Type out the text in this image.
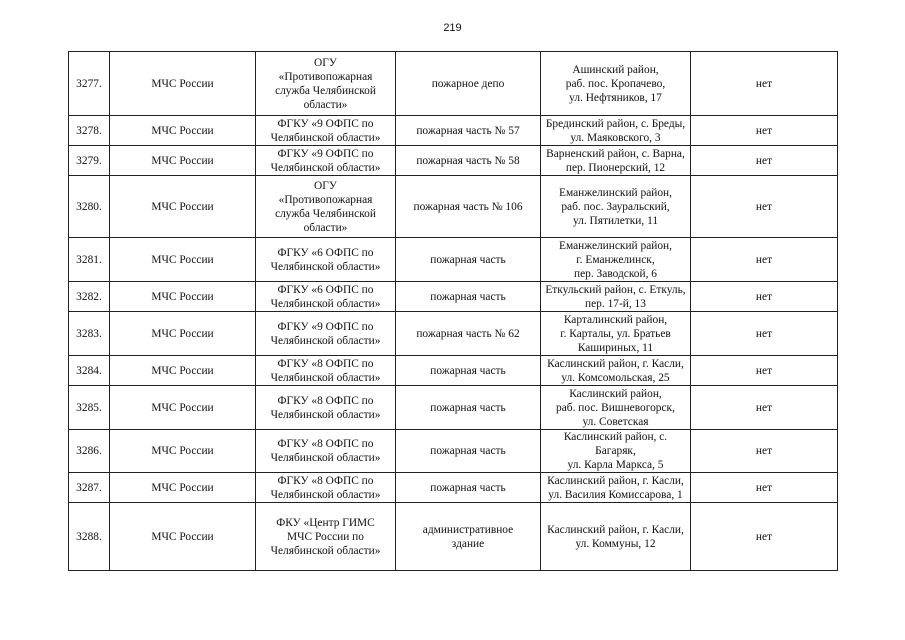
219
3277.	МЧС России	ОГУ
«Противопожарная
служба Челябинской
области»	пожарное депо	Ашинский район,
раб. пос. Кропачево,
ул. Нефтяников, 17	нет
3278.	МЧС России	ФГКУ «9 ОФПС по
Челябинской области»	пожарная часть № 57	Брединский район, с. Бреды,
ул. Маяковского, 3	нет
3279.	МЧС России	ФГКУ «9 ОФПС по
Челябинской области»	пожарная часть № 58	Варненский район, с. Варна,
пер. Пионерский, 12	нет
3280.	МЧС России	ОГУ
«Противопожарная
служба Челябинской
области»	пожарная часть № 106	Еманжелинский район,
раб. пос. Зауральский,
ул. Пятилетки, 11	нет
3281.	МЧС России	ФГКУ «6 ОФПС по
Челябинской области»	пожарная часть	Еманжелинский район,
г. Еманжелинск,
пер. Заводской, 6	нет
3282.	МЧС России	ФГКУ «6 ОФПС по
Челябинской области»	пожарная часть	Еткульский район, с. Еткуль,
пер. 17-й, 13	нет
3283.	МЧС России	ФГКУ «9 ОФПС по
Челябинской области»	пожарная часть № 62	Карталинский район,
г. Карталы, ул. Братьев
Кашириных, 11	нет
3284.	МЧС России	ФГКУ «8 ОФПС по
Челябинской области»	пожарная часть	Каслинский район, г. Касли,
ул. Комсомольская, 25	нет
3285.	МЧС России	ФГКУ «8 ОФПС по
Челябинской области»	пожарная часть	Каслинский район,
раб. пос. Вишневогорск,
ул. Советская	нет
3286.	МЧС России	ФГКУ «8 ОФПС по
Челябинской области»	пожарная часть	Каслинский район, с. Багаряк,
ул. Карла Маркса, 5	нет
3287.	МЧС России	ФГКУ «8 ОФПС по
Челябинской области»	пожарная часть	Каслинский район, г. Касли,
ул. Василия Комиссарова, 1	нет
3288.	МЧС России	ФКУ «Центр ГИМС
МЧС России по
Челябинской области»	административное
здание	Каслинский район, г. Касли,
ул. Коммуны, 12	нет
